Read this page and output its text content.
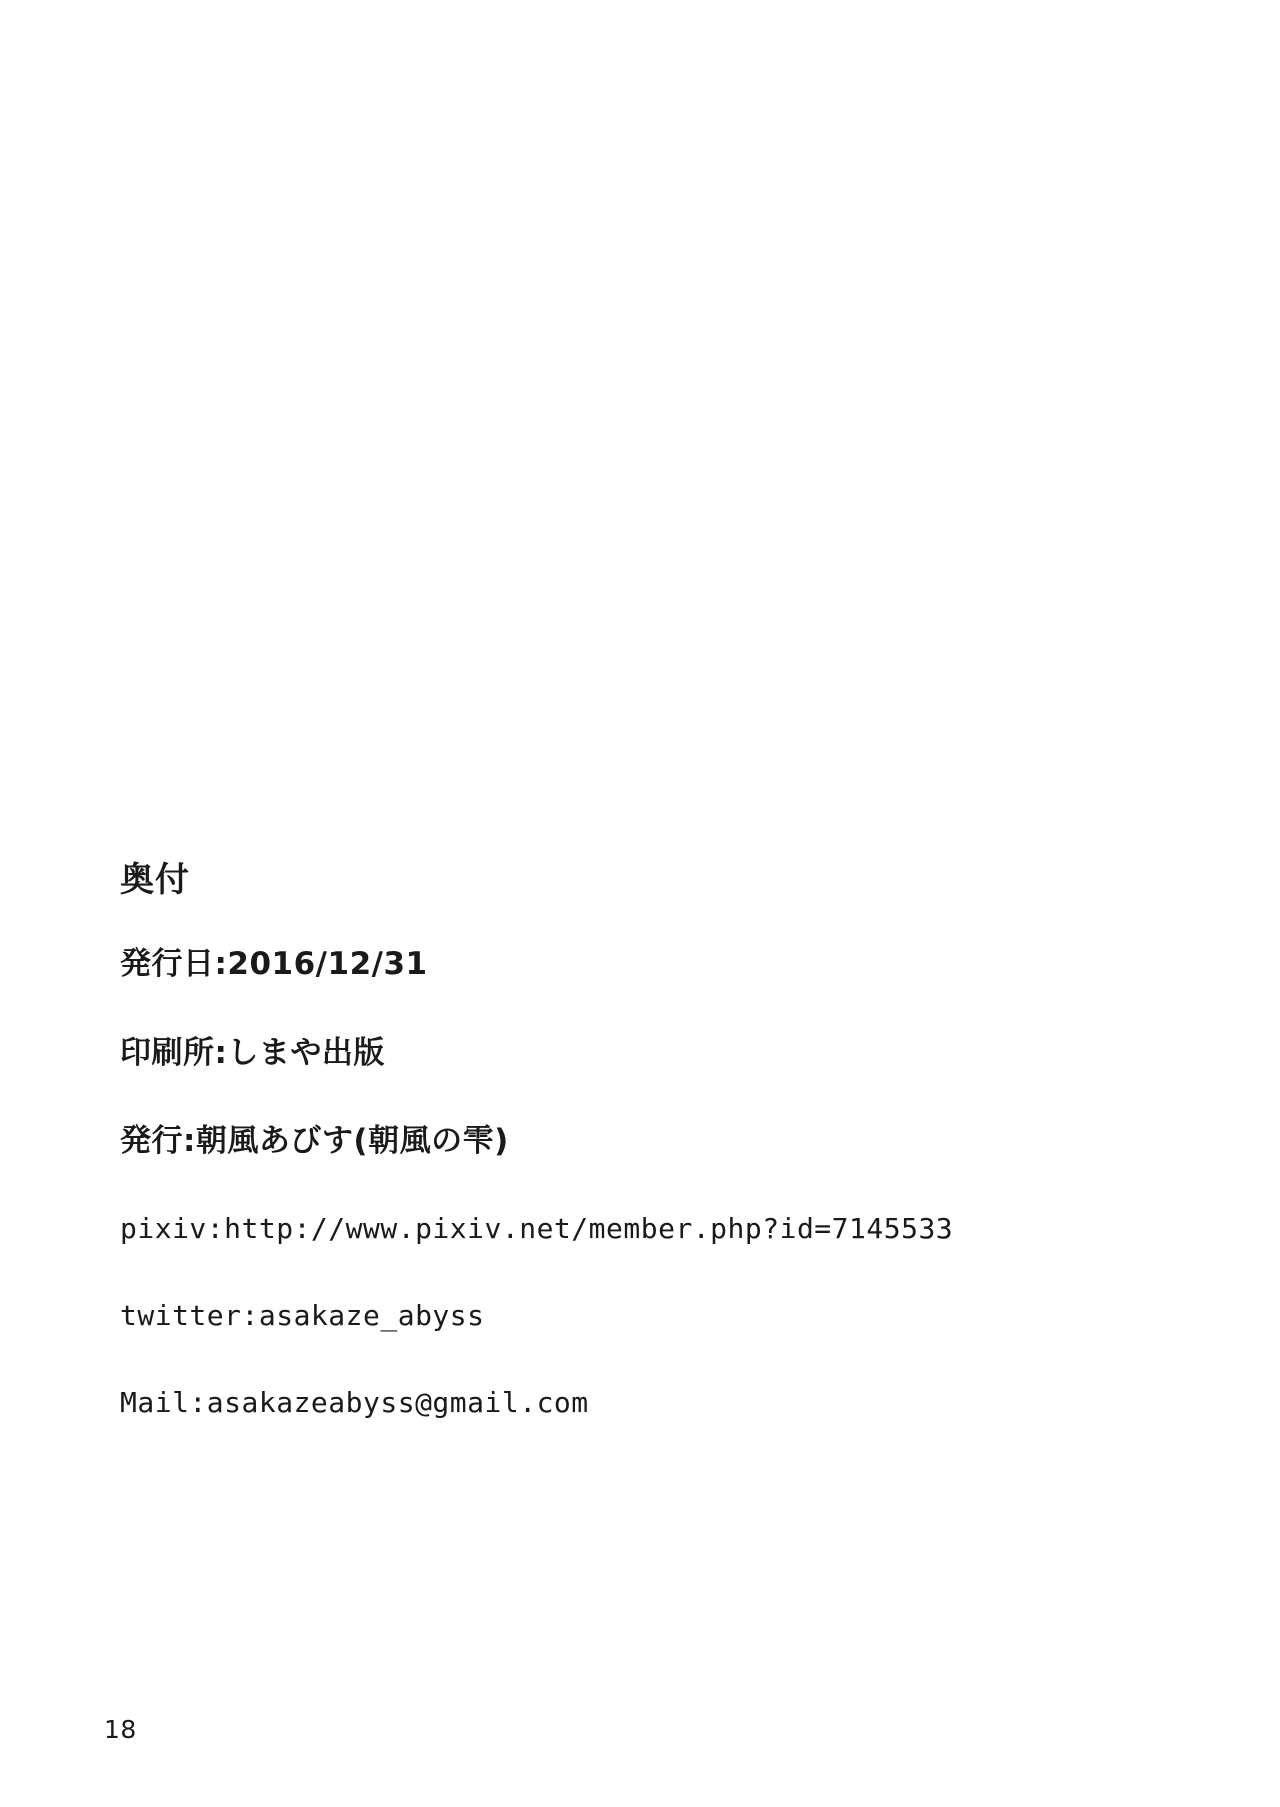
奥付

発行日:2016/12/31

印刷所:しまや出版

発行:朝風あびす(朝風の雫)

pixiv:http://www.pixiv.net/member.php?id=7145533

twitter:asakaze_abyss

Mail:asakazeabyss@gmail.com

18
